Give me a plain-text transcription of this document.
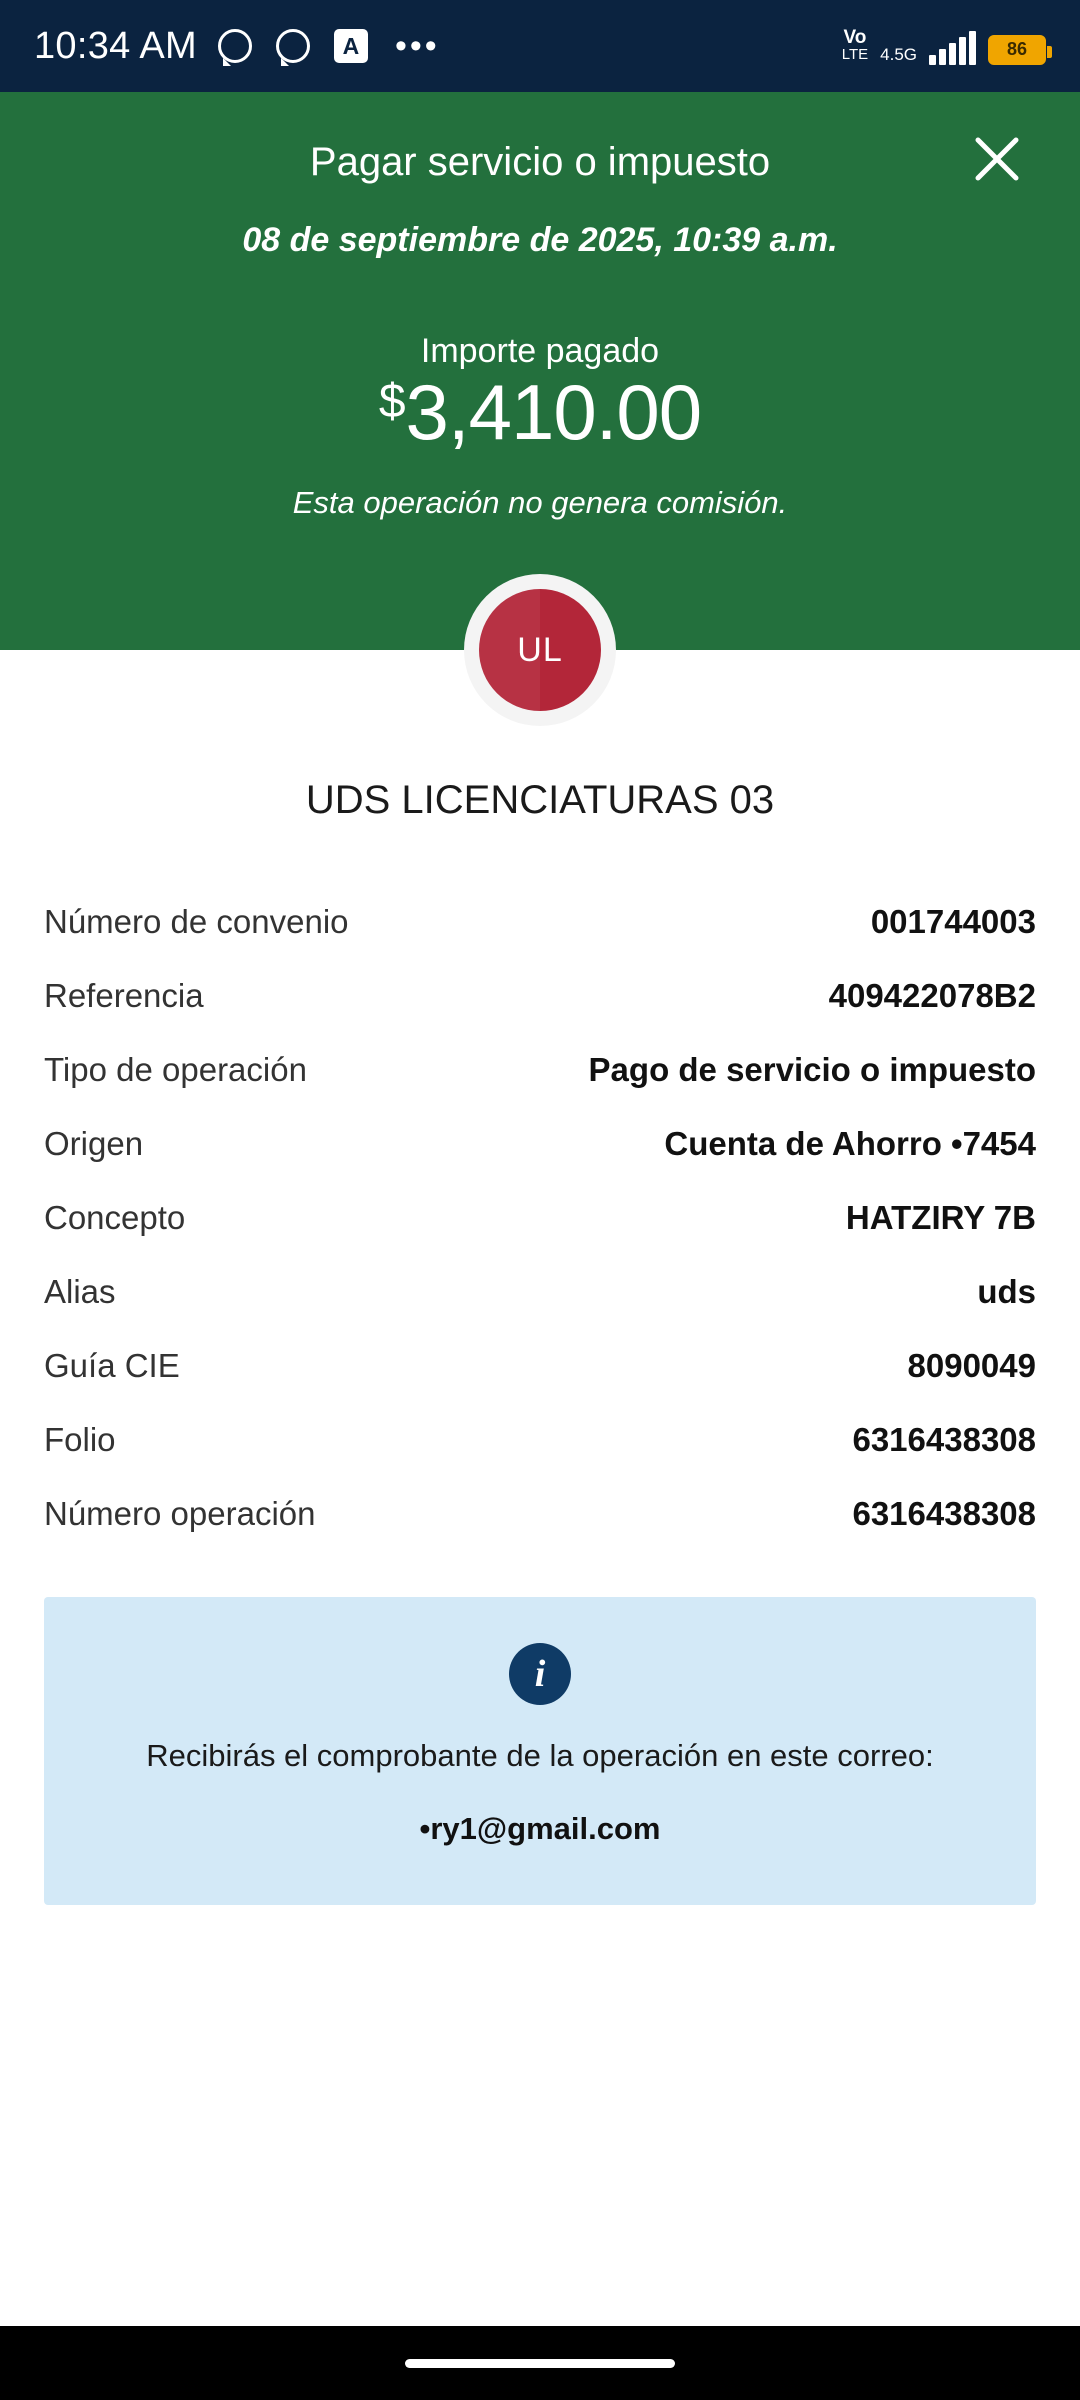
10:34 AM	A •••	Vo
LTE 4.5G	86
Pagar servicio o impuesto
08 de septiembre de 2025, 10:39 a.m.
Importe pagado
$3,410.00
Esta operación no genera comisión.
UL
UDS LICENCIATURAS 03
Número de convenio	001744003
Referencia	409422078B2
Tipo de operación	Pago de servicio o impuesto
Origen	Cuenta de Ahorro •7454
Concepto	HATZIRY 7B
Alias	uds
Guía CIE	8090049
Folio	6316438308
Número operación	6316438308
i
Recibirás el comprobante de la operación en este correo:
•ry1@gmail.com
